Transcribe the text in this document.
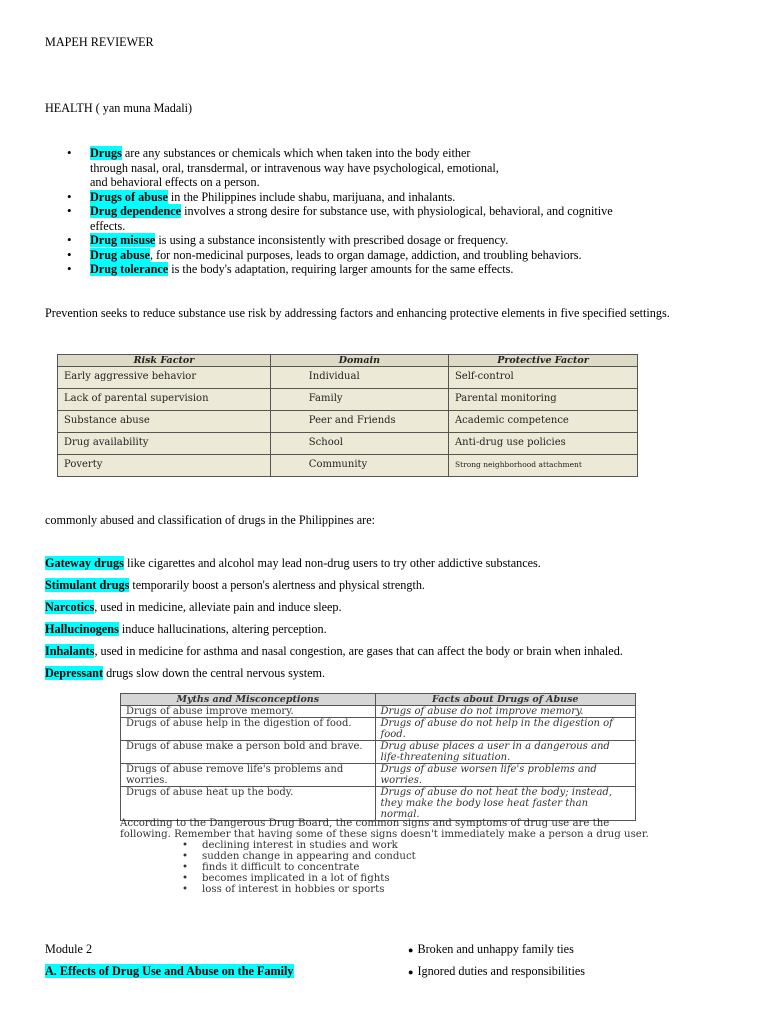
MAPEH REVIEWER
HEALTH ( yan muna Madali)
• Drugs are any substances or chemicals which when taken into the body either
through nasal, oral, transdermal, or intravenous way have psychological, emotional,
and behavioral effects on a person.
• Drugs of abuse in the Philippines include shabu, marijuana, and inhalants.
• Drug dependence involves a strong desire for substance use, with physiological, behavioral, and cognitive
effects.
• Drug misuse is using a substance inconsistently with prescribed dosage or frequency.
• Drug abuse, for non-medicinal purposes, leads to organ damage, addiction, and troubling behaviors.
• Drug tolerance is the body's adaptation, requiring larger amounts for the same effects.
Prevention seeks to reduce substance use risk by addressing factors and enhancing protective elements in five specified settings.
Risk Factor	Domain	Protective Factor
Early aggressive behavior	Individual	Self-control
Lack of parental supervision	Family	Parental monitoring
Substance abuse	Peer and Friends	Academic competence
Drug availability	School	Anti-drug use policies
Poverty	Community	Strong neighborhood attachment
commonly abused and classification of drugs in the Philippines are:
Gateway drugs like cigarettes and alcohol may lead non-drug users to try other addictive substances.
Stimulant drugs temporarily boost a person's alertness and physical strength.
Narcotics, used in medicine, alleviate pain and induce sleep.
Hallucinogens induce hallucinations, altering perception.
Inhalants, used in medicine for asthma and nasal congestion, are gases that can affect the body or brain when inhaled.
Depressant drugs slow down the central nervous system.
Myths and Misconceptions	Facts about Drugs of Abuse
Drugs of abuse improve memory.	Drugs of abuse do not improve memory.
Drugs of abuse help in the digestion of food.	Drugs of abuse do not help in the digestion of food.
Drugs of abuse make a person bold and brave.	Drug abuse places a user in a dangerous and life-threatening situation.
Drugs of abuse remove life's problems and worries.	Drugs of abuse worsen life's problems and worries.
Drugs of abuse heat up the body.	Drugs of abuse do not heat the body; instead, they make the body lose heat faster than normal.
According to the Dangerous Drug Board, the common signs and symptoms of drug use are the following. Remember that having some of these signs doesn't immediately make a person a drug user.
• declining interest in studies and work
• sudden change in appearing and conduct
• finds it difficult to concentrate
• becomes implicated in a lot of fights
• loss of interest in hobbies or sports
Module 2
A. Effects of Drug Use and Abuse on the Family
● Broken and unhappy family ties
● Ignored duties and responsibilities
